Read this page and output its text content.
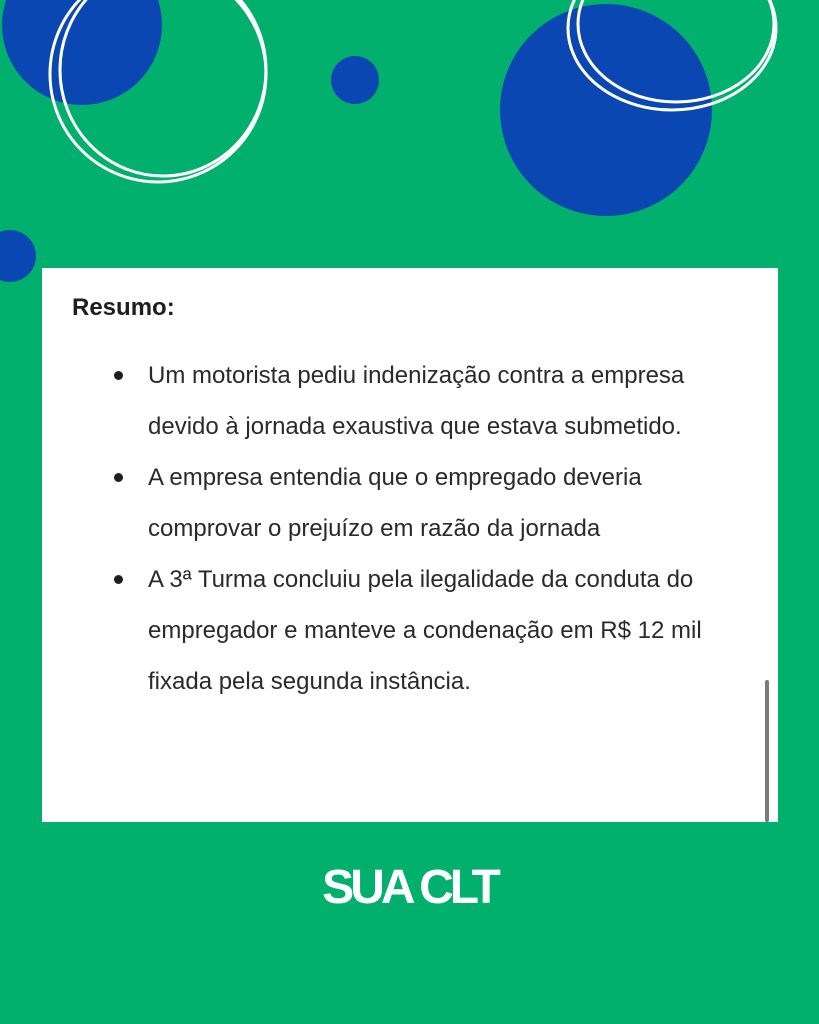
Resumo:
Um motorista pediu indenização contra a empresa devido à jornada exaustiva que estava submetido.
A empresa entendia que o empregado deveria comprovar o prejuízo em razão da jornada
A 3ª Turma concluiu pela ilegalidade da conduta do empregador e manteve a condenação em R$ 12 mil fixada pela segunda instância.
SUA CLT
